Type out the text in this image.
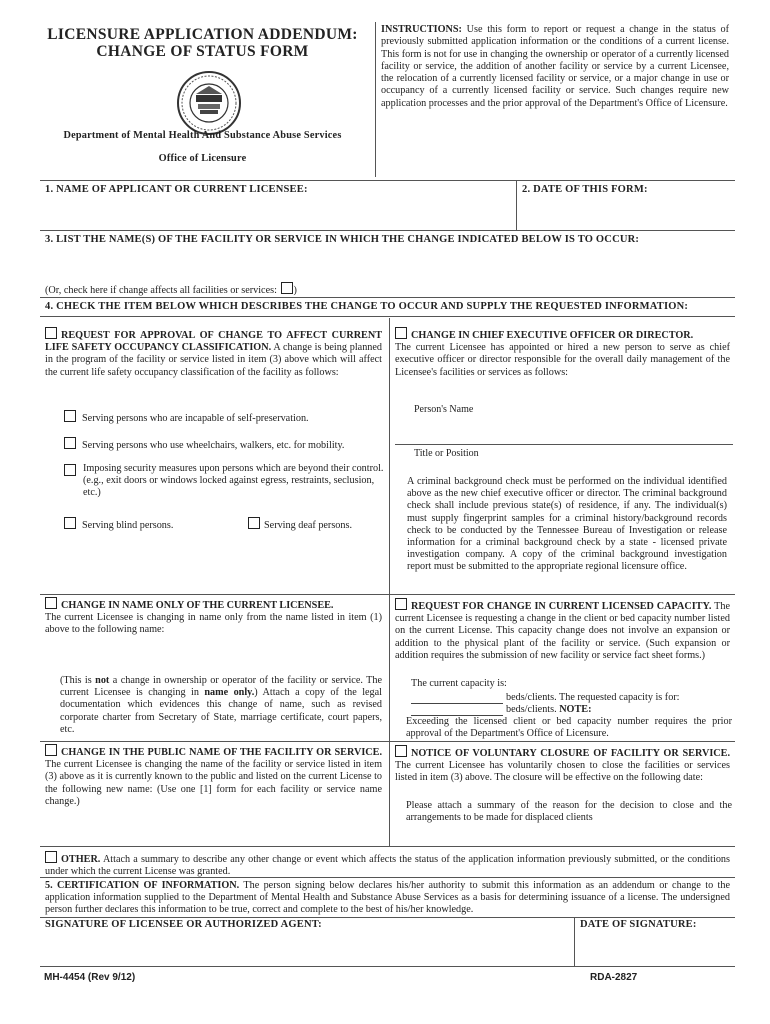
LICENSURE APPLICATION ADDENDUM:
CHANGE OF STATUS FORM
Department of Mental Health And Substance Abuse Services
Office of Licensure
INSTRUCTIONS: Use this form to report or request a change in the status of previously submitted application information or the conditions of a current license. This form is not for use in changing the ownership or operator of a currently licensed facility or service, the addition of another facility or service by a current Licensee, the relocation of a currently licensed facility or service, or a major change in use or occupancy of a currently licensed facility or service. Such changes require new application processes and the prior approval of the Department's Office of Licensure.
1. NAME OF APPLICANT OR CURRENT LICENSEE:	2. DATE OF THIS FORM:
3. LIST THE NAME(S) OF THE FACILITY OR SERVICE IN WHICH THE CHANGE INDICATED BELOW IS TO OCCUR:
(Or, check here if change affects all facilities or services: )
4. CHECK THE ITEM BELOW WHICH DESCRIBES THE CHANGE TO OCCUR AND SUPPLY THE REQUESTED INFORMATION:
REQUEST FOR APPROVAL OF CHANGE TO AFFECT CURRENT LIFE SAFETY OCCUPANCY CLASSIFICATION. A change is being planned in the program of the facility or service listed in item (3) above which will affect the current life safety occupancy classification of the facility as follows:
Serving persons who are incapable of self-preservation.
Serving persons who use wheelchairs, walkers, etc. for mobility.
Imposing security measures upon persons which are beyond their control. (e.g., exit doors or windows locked against egress, restraints, seclusion, etc.)
Serving blind persons.	Serving deaf persons.
CHANGE IN CHIEF EXECUTIVE OFFICER OR DIRECTOR.
The current Licensee has appointed or hired a new person to serve as chief executive officer or director responsible for the overall daily management of the Licensee's facilities or services as follows:
Person's Name
Title or Position
A criminal background check must be performed on the individual identified above as the new chief executive officer or director. The criminal background check shall include previous state(s) of residence, if any. The individual(s) must supply fingerprint samples for a criminal history/background records check to be conducted by the Tennessee Bureau of Investigation or release information for a criminal background check by a state - licensed private investigation company. A copy of the criminal background investigation report must be submitted to the appropriate regional licensure office.
CHANGE IN NAME ONLY OF THE CURRENT LICENSEE.
The current Licensee is changing in name only from the name listed in item (1) above to the following name:
(This is not a change in ownership or operator of the facility or service. The current Licensee is changing in name only.) Attach a copy of the legal documentation which evidences this change of name, such as revised corporate charter from Secretary of State, marriage certificate, court papers, etc.
REQUEST FOR CHANGE IN CURRENT LICENSED CAPACITY. The current Licensee is requesting a change in the client or bed capacity number listed on the current License. This capacity change does not involve an expansion or addition to the physical plant of the facility or service. (Such expansion or addition requires the submission of new facility or service fact sheet forms.)
The current capacity is:
beds/clients. The requested capacity is for:
beds/clients. NOTE:
Exceeding the licensed client or bed capacity number requires the prior approval of the Department's Office of Licensure.
CHANGE IN THE PUBLIC NAME OF THE FACILITY OR SERVICE. The current Licensee is changing the name of the facility or service listed in item (3) above as it is currently known to the public and listed on the current License to the following new name: (Use one [1] form for each facility or service name change.)
NOTICE OF VOLUNTARY CLOSURE OF FACILITY OR SERVICE. The current Licensee has voluntarily chosen to close the facilities or services listed in item (3) above. The closure will be effective on the following date:
Please attach a summary of the reason for the decision to close and the arrangements to be made for displaced clients
OTHER. Attach a summary to describe any other change or event which affects the status of the application information previously submitted, or the conditions under which the current License was granted.
5. CERTIFICATION OF INFORMATION. The person signing below declares his/her authority to submit this information as an addendum or change to the application information supplied to the Department of Mental Health and Substance Abuse Services as a basis for determining issuance of a license. The undersigned person further declares this information to be true, correct and complete to the best of his/her knowledge.
SIGNATURE OF LICENSEE OR AUTHORIZED AGENT:	DATE OF SIGNATURE:
MH-4454 (Rev 9/12)	RDA-2827
